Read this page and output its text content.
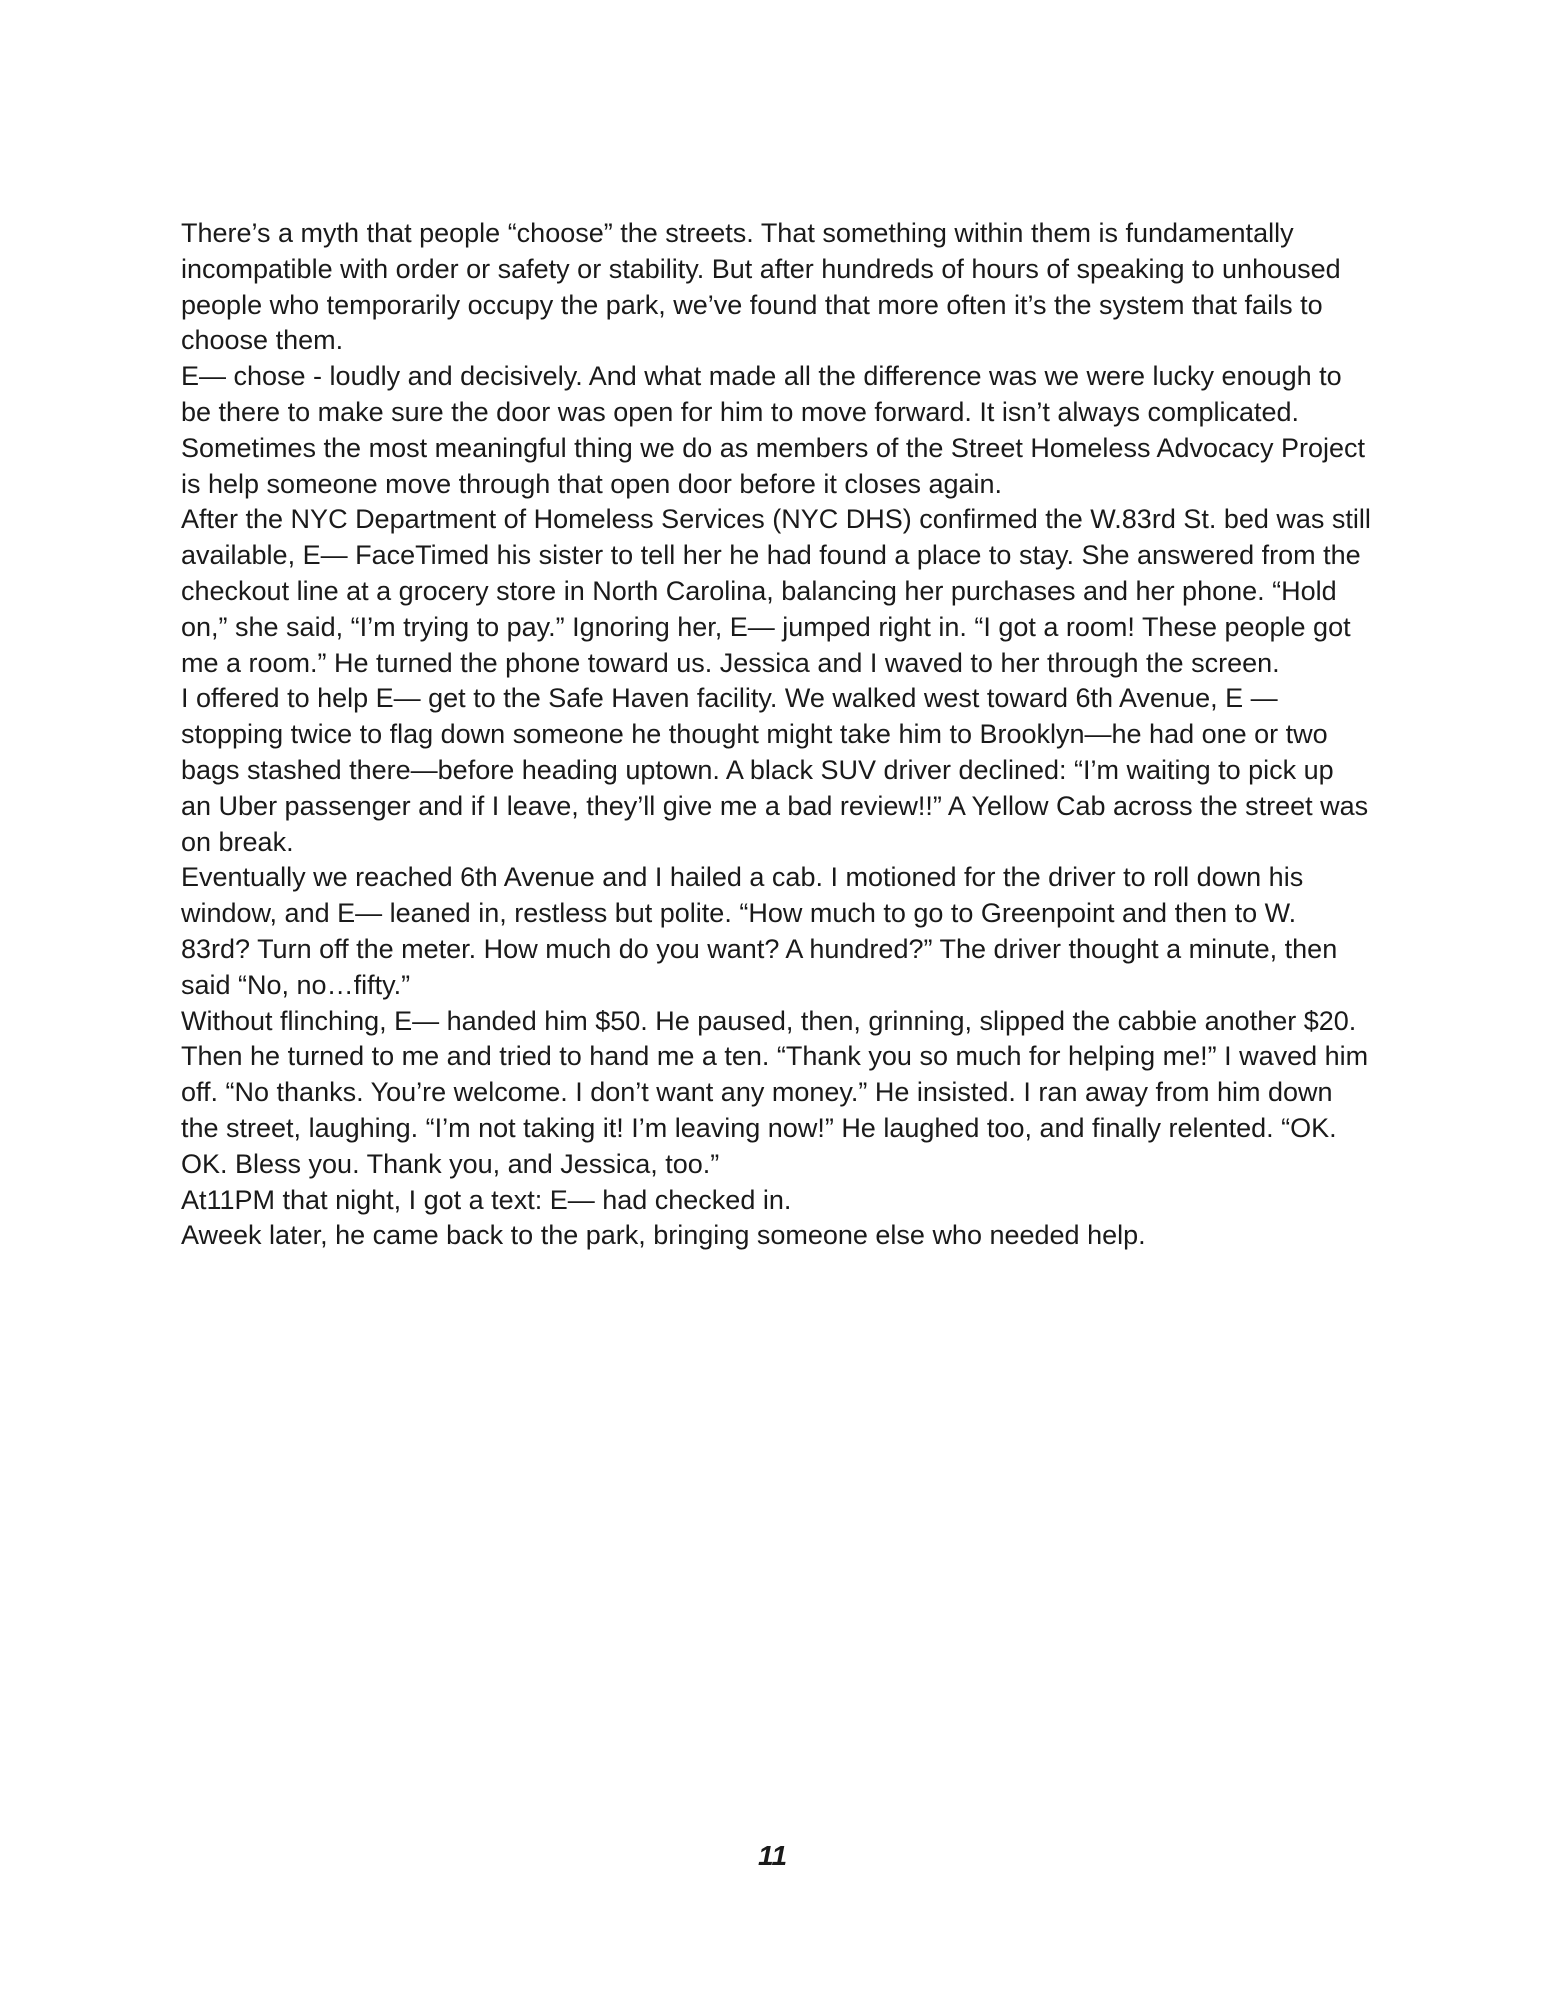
There’s a myth that people “choose” the streets. That something within them is fundamentally incompatible with order or safety or stability. But after hundreds of hours of speaking to unhoused people who temporarily occupy the park, we’ve found that more often it’s the system that fails to choose them.

E— chose - loudly and decisively. And what made all the difference was we were lucky enough to be there to make sure the door was open for him to move forward. It isn’t always complicated. Sometimes the most meaningful thing we do as members of the Street Homeless Advocacy Project is help someone move through that open door before it closes again.

After the NYC Department of Homeless Services (NYC DHS) confirmed the W.83rd St. bed was still available, E— FaceTimed his sister to tell her he had found a place to stay. She answered from the checkout line at a grocery store in North Carolina, balancing her purchases and her phone. “Hold on,” she said, “I’m trying to pay.” Ignoring her, E— jumped right in. “I got a room! These people got me a room.” He turned the phone toward us. Jessica and I waved to her through the screen.

I offered to help E— get to the Safe Haven facility. We walked west toward 6th Avenue, E — stopping twice to flag down someone he thought might take him to Brooklyn—he had one or two bags stashed there—before heading uptown. A black SUV driver declined: “I’m waiting to pick up an Uber passenger and if I leave, they’ll give me a bad review!!” A Yellow Cab across the street was on break.

Eventually we reached 6th Avenue and I hailed a cab. I motioned for the driver to roll down his window, and E— leaned in, restless but polite. “How much to go to Greenpoint and then to W. 83rd? Turn off the meter. How much do you want? A hundred?” The driver thought a minute, then said “No, no…fifty.”

Without flinching, E— handed him $50. He paused, then, grinning, slipped the cabbie another $20. Then he turned to me and tried to hand me a ten. “Thank you so much for helping me!” I waved him off. “No thanks. You’re welcome. I don’t want any money.” He insisted. I ran away from him down the street, laughing. “I’m not taking it! I’m leaving now!” He laughed too, and finally relented. “OK. OK. Bless you. Thank you, and Jessica, too.”

At11PM that night, I got a text: E— had checked in.

Aweek later, he came back to the park, bringing someone else who needed help.

11
